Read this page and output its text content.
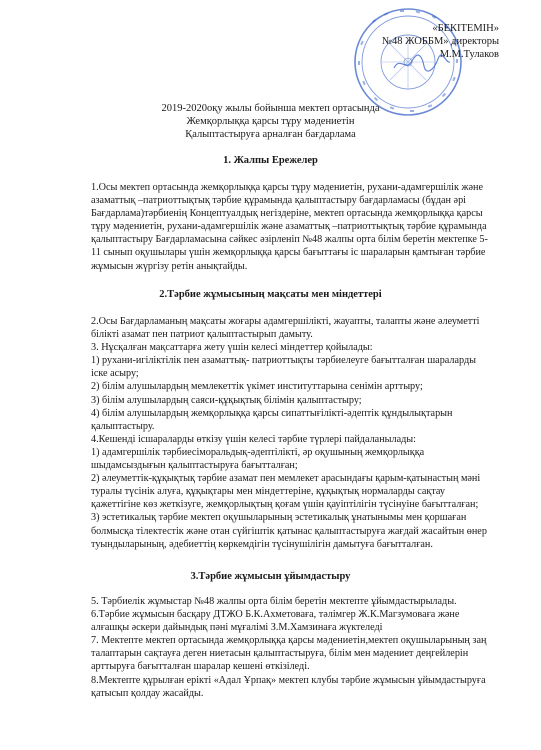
«БЕКІТЕМІН»
№48 ЖОББМ» директоры
М.М.Тулаков
2019-2020оқу жылы бойынша мектеп ортасында
Жемқорлыққа қарсы тұру мәдениетін
Қалыптастыруға арналған бағдарлама
1. Жалпы Ережелер

1.Осы мектеп ортасында жемқорлыққа қарсы тұру мәдениетін, рухани-адамгершілік және азаматтық –патриоттықтық тәрбие құрамында қалыптастыру бағдарламасы (бұдан әрі Бағдарлама)тәрбиенің Концептуалдық негіздеріне, мектеп ортасында жемқорлыққа қарсы тұру мәдениетін, рухани-адамгершілік және азаматтық –патриоттықтық тәрбие құрамында қалыптастыру Бағдарламасына сәйкес әзірленіп №48 жалпы орта білім беретін мектепке 5-11 сынып оқушылары үшін жемқорлыққа қарсы бағыттағы іс шараларын қамтыған тәрбие жұмысын жүргізу ретін анықтайды.

2.Тәрбие жұмысының мақсаты мен міндеттері

2.Осы Бағдарламаның мақсаты жоғары адамгершілікті, жауапты, талапты және әлеуметті білікті азамат пен патриот қалыптастырып дамыту.

3. Нұсқалған мақсаттарға жету үшін келесі міндеттер қойылады:

1) рухани-игіліктілік пен азаматтық- патриоттықты тәрбиелеуге бағытталған шараларды іске асыру;

2) білім алушылардың мемлекеттік үкімет институттарына сенімін арттыру;

3) білім алушылардың саяси-құқықтық білімін қалыптастыру;

4) білім алушылардың жемқорлыққа қарсы сипаттығілікті-әдептік құндылықтарын қалыптастыру.

4.Кешенді ісшараларды өткізу үшін келесі тәрбие түрлері пайдаланылады:

1) адамгершілік тәрбиесіморальдық-әдептілікті, әр оқушының жемқорлыққа шыдамсыздығын қалыптастыруға бағытталған;

2) әлеуметтік-құқықтық тәрбие азамат пен мемлекет арасындағы қарым-қатынастың мәні туралы түсінік алуға, құқықтары мен міндеттеріне, құқықтық нормаларды сақтау қажеттігіне көз жеткізуге, жемқорлықтың қоғам үшін қауіптілігін түсінуіне бағытталған;

3) эстетикалық тәрбие мектеп оқушыларының эстетикалық ұнатынымы мен қоршаған болмысқа тілектестік және отан сүйгіштік қатынас қалыптастыруға жағдай жасайтын өнер туындыларының, әдебиеттің көркемдігін түсінушілігін дамытуға бағытталған.

3.Тәрбие жұмысын ұйымдастыру

5. Тәрбиелік жұмыстар №48 жалпы орта білім беретін мектепте ұйымдастырылады.

6.Тәрбие жұмысын басқару ДТЖО Б.К.Ахметоваға, тәлімгер Ж.К.Магзумоваға және алғашқы әскери дайындық пәні мұғалімі З.М.Хамзинаға жүктеледі

7. Мектепте мектеп ортасында жемқорлыққа қарсы мәдениетін,мектеп оқушыларының заң талаптарын сақтауға деген ниетасын қалыптастыруға, білім мен мәдениет деңгейлерін арттыруға бағытталған шаралар кешені өткізіледі.

8.Мектепте құрылған ерікті «Адал Ұрпақ» мектеп клубы тәрбие жұмысын ұйымдастыруға қатысып қолдау жасайды.
